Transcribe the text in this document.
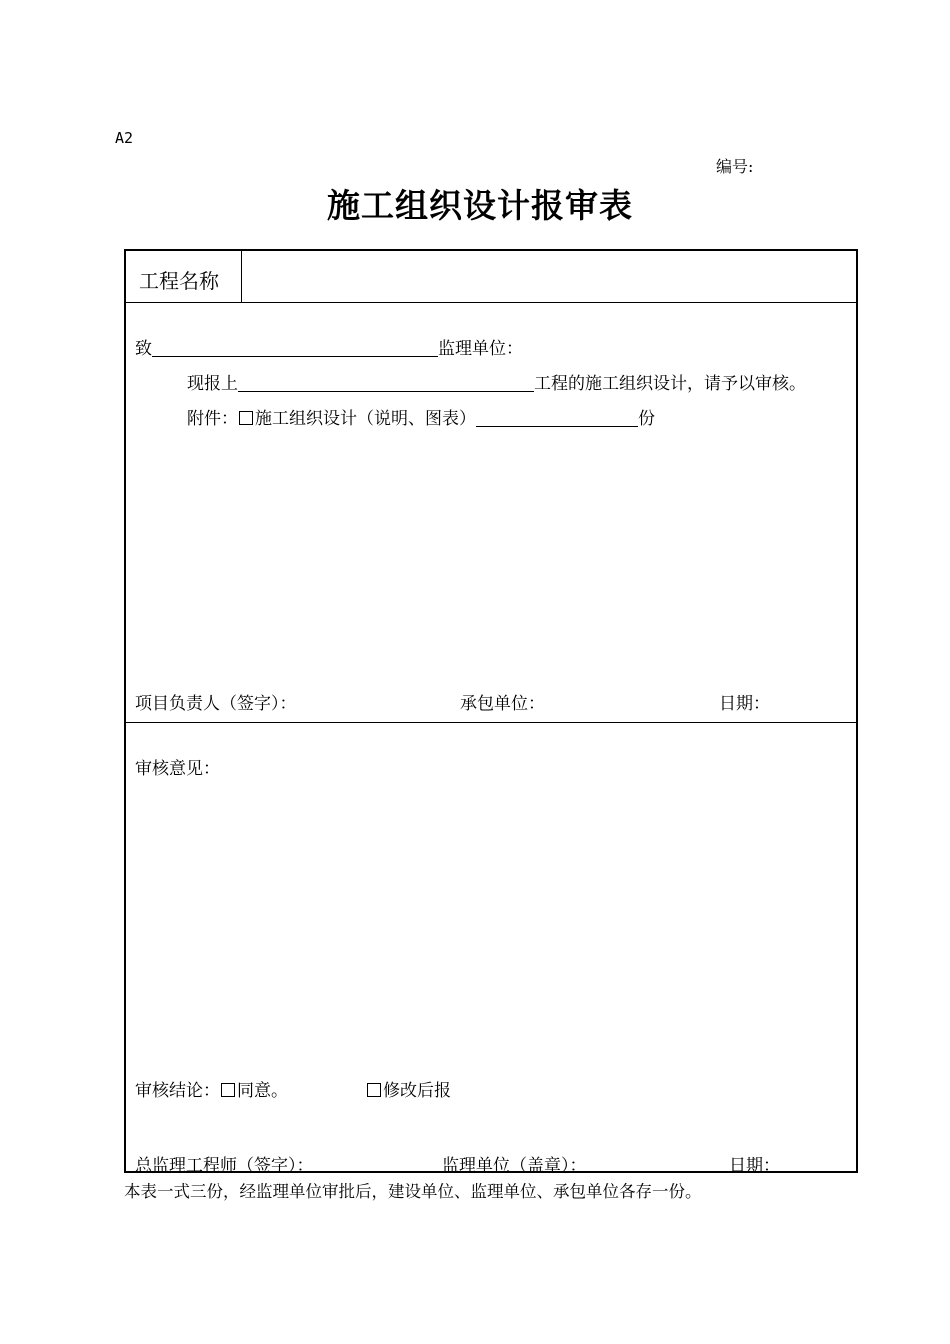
A2
编号:
施工组织设计报审表
工程名称
致	监理单位：
现报上	工程的施工组织设计，请予以审核。
附件： 施工组织设计（说明、图表）	份
项目负责人（签字）：	承包单位：	日期：
审核意见：
审核结论： 同意。	修改后报
总监理工程师（签字）：	监理单位（盖章）：	日期：
本表一式三份，经监理单位审批后，建设单位、监理单位、承包单位各存一份。
